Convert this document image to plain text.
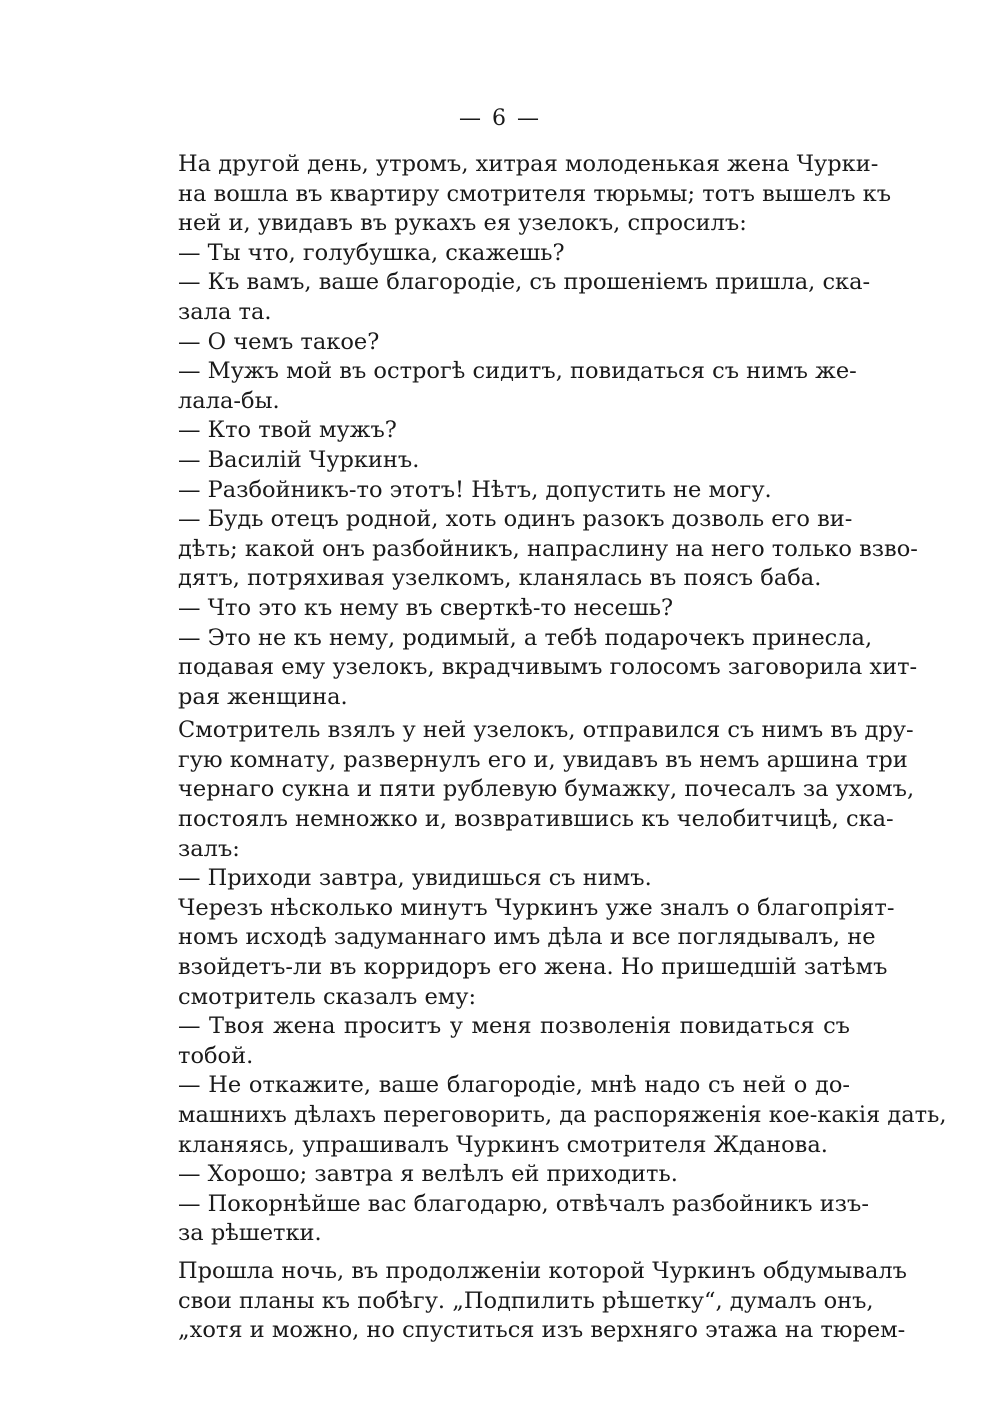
— 6 —
На другой день, утромъ, хитрая молоденькая жена Чурки-
на вошла въ квартиру смотрителя тюрьмы; тотъ вышелъ къ
ней и, увидавъ въ рукахъ ея узелокъ, спросилъ:
— Ты что, голубушка, скажешь?
— Къ вамъ, ваше благородіе, съ прошеніемъ пришла, ска-
зала та.
— О чемъ такое?
— Мужъ мой въ острогѣ сидитъ, повидаться съ нимъ же-
лала-бы.
— Кто твой мужъ?
— Василій Чуркинъ.
— Разбойникъ-то этотъ! Нѣтъ, допустить не могу.
— Будь отецъ родной, хоть одинъ разокъ дозволь его ви-
дѣть; какой онъ разбойникъ, напраслину на него только взво-
дятъ, потряхивая узелкомъ, кланялась въ поясъ баба.
— Что это къ нему въ сверткѣ-то несешь?
— Это не къ нему, родимый, а тебѣ подарочекъ принесла,
подавая ему узелокъ, вкрадчивымъ голосомъ заговорила хит-
рая женщина.
Смотритель взялъ у ней узелокъ, отправился съ нимъ въ дру-
гую комнату, развернулъ его и, увидавъ въ немъ аршина три
чернаго сукна и пяти рублевую бумажку, почесалъ за ухомъ,
постоялъ немножко и, возвратившись къ челобитчицѣ, ска-
залъ:
— Приходи завтра, увидишься съ нимъ.
Черезъ нѣсколько минутъ Чуркинъ уже зналъ о благопріят-
номъ исходѣ задуманнаго имъ дѣла и все поглядывалъ, не
взойдетъ-ли въ корридоръ его жена. Но пришедшій затѣмъ
смотритель сказалъ ему:
— Твоя жена проситъ у меня позволенія повидаться съ
тобой.
— Не откажите, ваше благородіе, мнѣ надо съ ней о до-
машнихъ дѣлахъ переговорить, да распоряженія кое-какія дать,
кланяясь, упрашивалъ Чуркинъ смотрителя Жданова.
— Хорошо; завтра я велѣлъ ей приходить.
— Покорнѣйше вас благодарю, отвѣчалъ разбойникъ изъ-
за рѣшетки.
Прошла ночь, въ продолженіи которой Чуркинъ обдумывалъ
свои планы къ побѣгу. „Подпилить рѣшетку“, думалъ онъ,
„хотя и можно, но спуститься изъ верхняго этажа на тюрем-
